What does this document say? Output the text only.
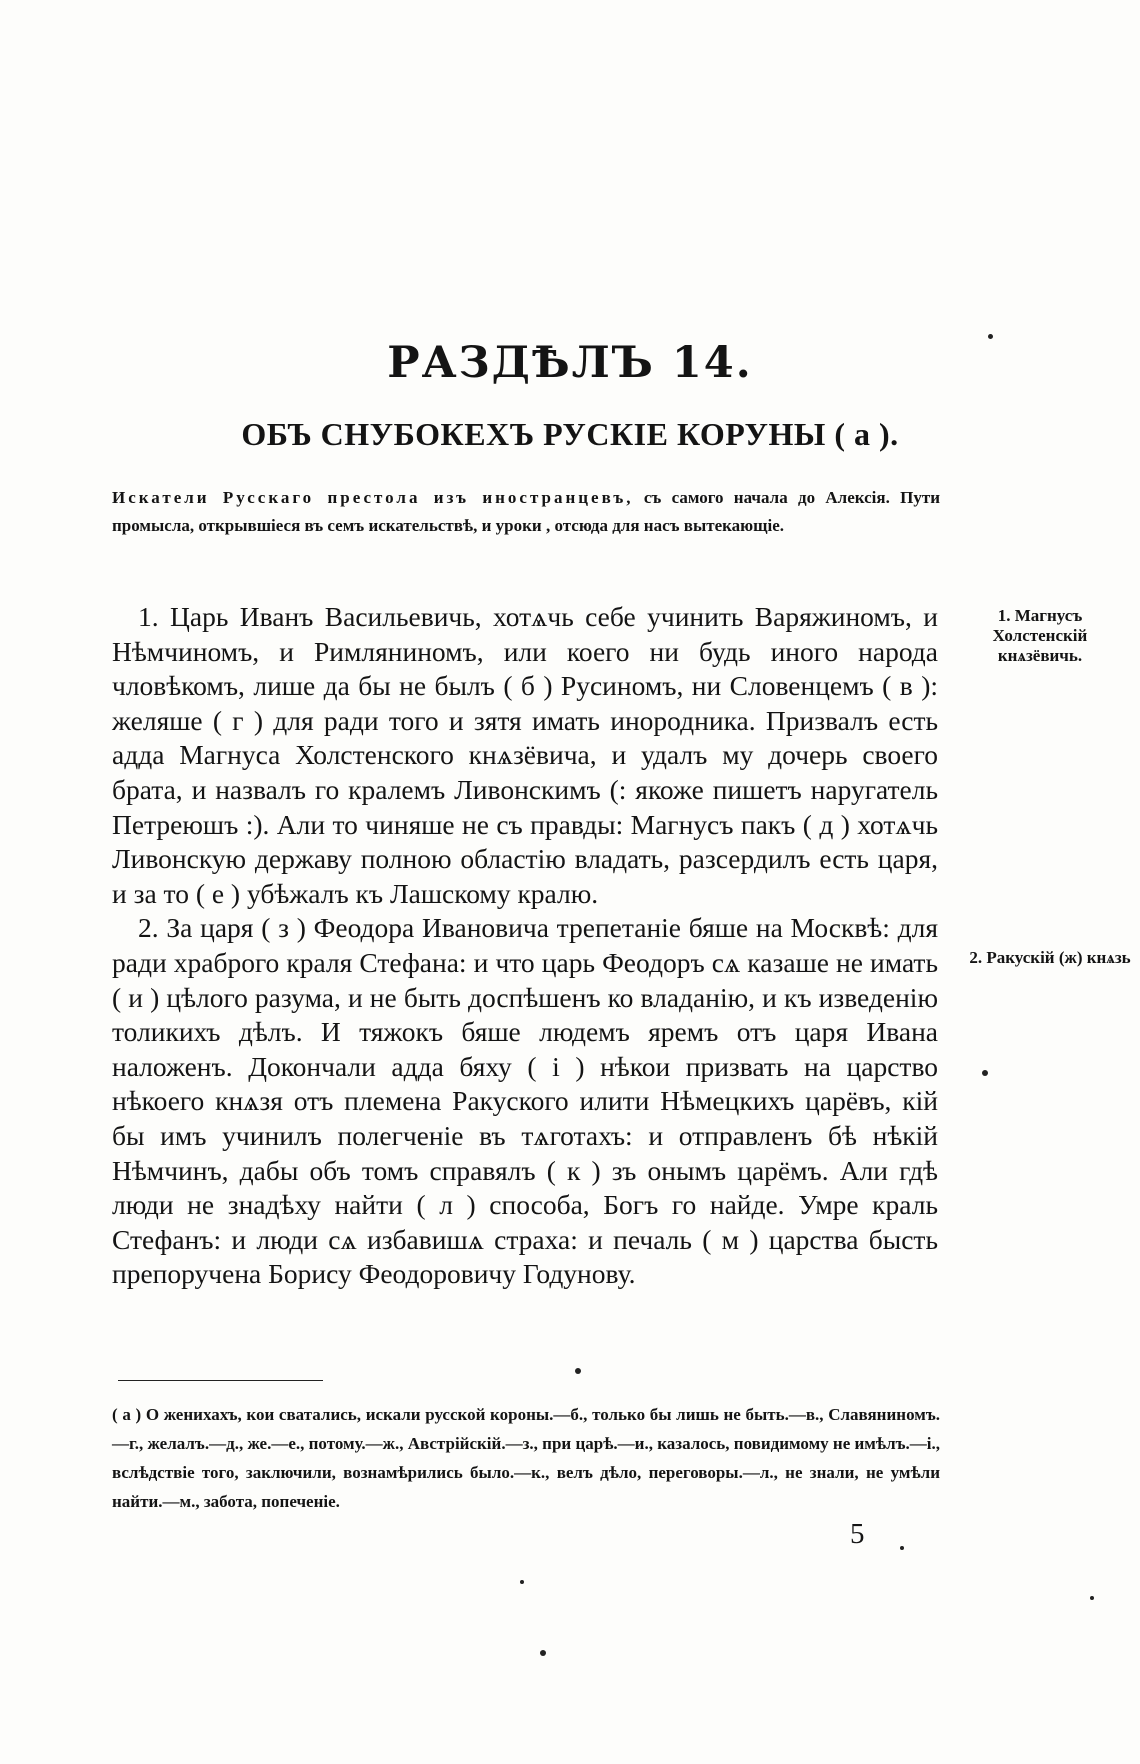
РАЗДѢЛЪ 14.
ОБЪ СНУБОКЕХЪ РУСКІЕ КОРУНЫ ( а ).

Искатели Русскаго престола изъ иностранцевъ, съ самого начала до Алексія. Пути промысла, открывшіеся въ семъ искательствѣ, и уроки , отсюда для насъ вытекающіе.

1. Царь Иванъ Васильевичь, хотѧчь себе учинить Варяжиномъ, и Нѣмчиномъ, и Римляниномъ, или коего ни будь иного народа чловѣкомъ, лише да бы не былъ ( б ) Русиномъ, ни Словенцемъ ( в ): желяше ( г ) для ради того и зятя имать инородника. Призвалъ есть адда Магнуса Холстенского кнѧзёвича, и удалъ му дочерь своего брата, и назвалъ го кралемъ Ливонскимъ (: якоже пишетъ наругатель Петреюшъ :). Али то чиняше не съ правды: Магнусъ пакъ ( д ) хотѧчь Ливонскую державу полною областію владать, разсердилъ есть царя, и за то ( е ) убѣжалъ къ Лашскому кралю.

2. За царя ( з ) Феодора Ивановича трепетаніе бяше на Москвѣ: для ради храброго краля Стефана: и что царь Феодоръ сѧ казаше не имать ( и ) цѣлого разума, и не быть доспѣшенъ ко владанію, и къ изведенію толикихъ дѣлъ. И тяжокъ бяше людемъ яремъ отъ царя Ивана наложенъ. Докончали адда бяху ( і ) нѣкои призвать на царство нѣкоего кнѧзя отъ племена Ракуского илити Нѣмецкихъ царёвъ, кій бы имъ учинилъ полегченіе въ тѧготахъ: и отправленъ бѣ нѣкій Нѣмчинъ, дабы объ томъ справялъ ( к ) зъ онымъ царёмъ. Али гдѣ люди не знадѣху найти ( л ) способа, Богъ го найде. Умре краль Стефанъ: и люди сѧ избавишѧ страха: и печаль ( м ) царства бысть препоручена Борису Феодоровичу Годунову.

1. Магнусъ Холстенскій кнѧзёвичь.
2. Ракускій (ж) кнѧзь

( а ) О женихахъ, кои сватались, искали русской короны.—б., только бы лишь не быть.—в., Славяниномъ.—г., желалъ.—д., же.—е., потому.—ж., Австрійскій.—з., при царѣ.—и., казалось, повидимому не имѣлъ.—і., вслѣдствіе того, заключили, вознамѣрились было.—к., велъ дѣло, переговоры.—л., не знали, не умѣли найти.—м., забота, попеченіе.

5
